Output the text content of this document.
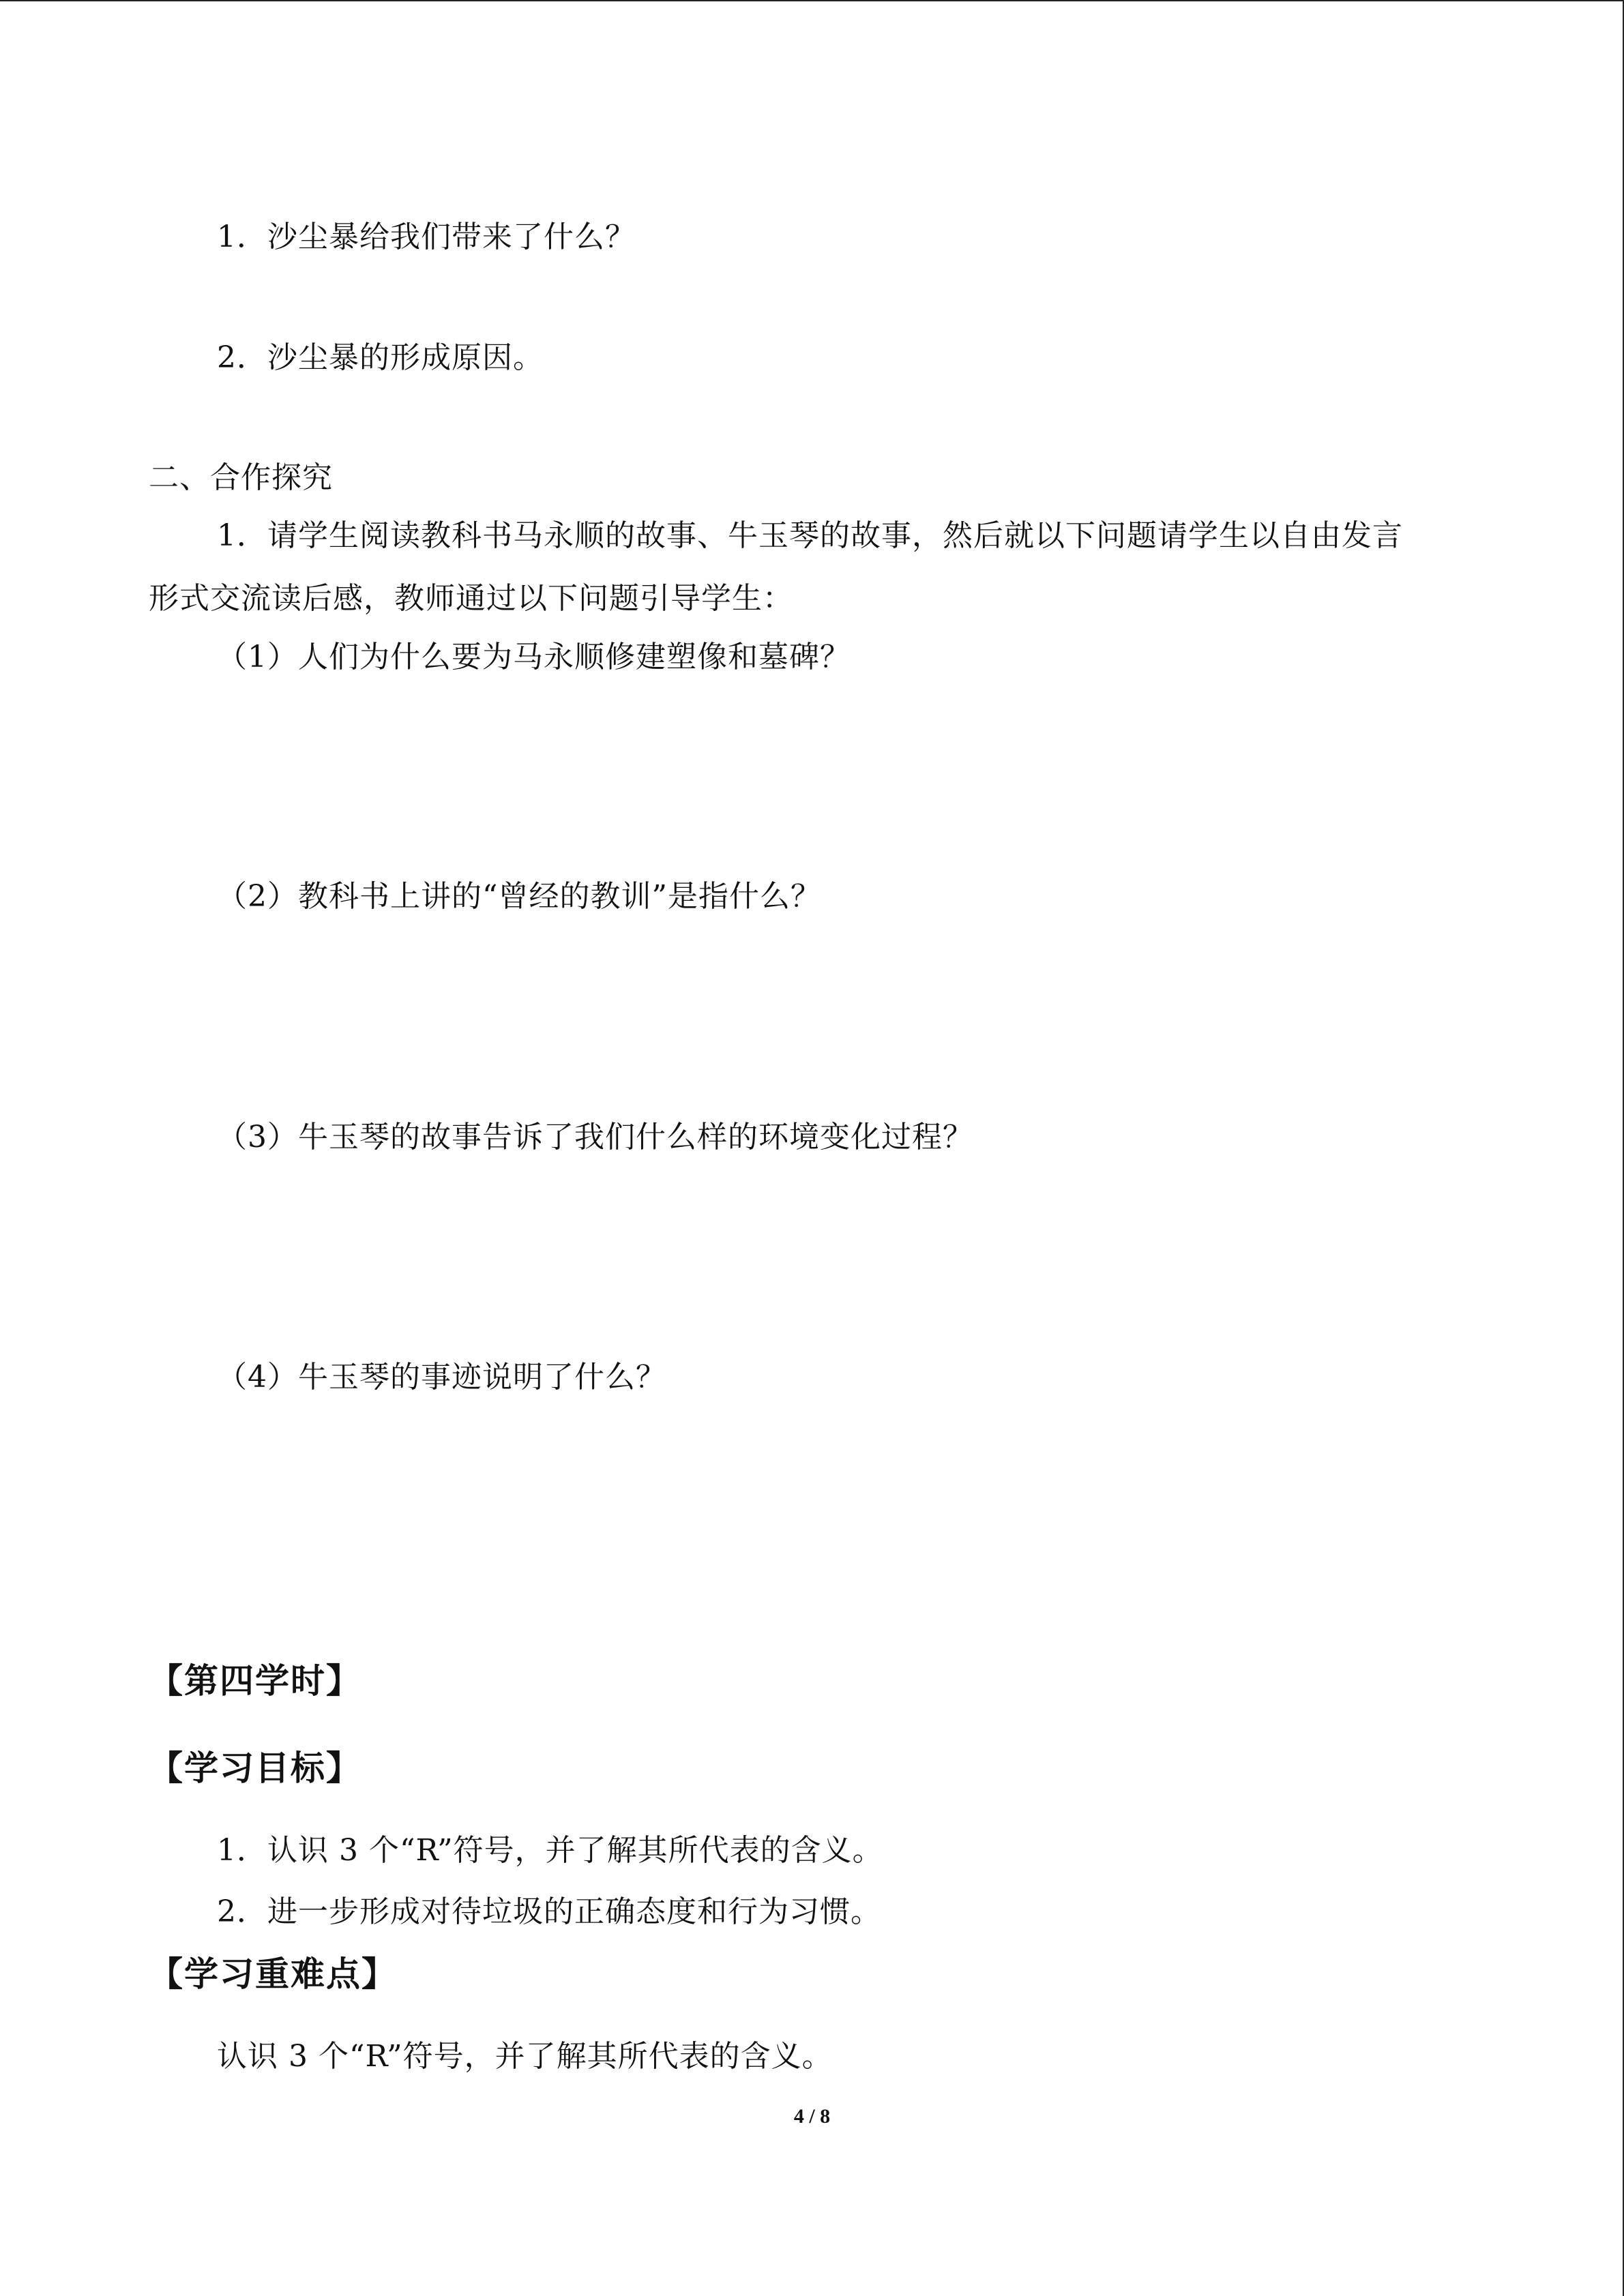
1．沙尘暴给我们带来了什么？
2．沙尘暴的形成原因。
二、合作探究
1．请学生阅读教科书马永顺的故事、牛玉琴的故事，然后就以下问题请学生以自由发言
形式交流读后感，教师通过以下问题引导学生：
（1）人们为什么要为马永顺修建塑像和墓碑？
（2）教科书上讲的“曾经的教训”是指什么？
（3）牛玉琴的故事告诉了我们什么样的环境变化过程？
（4）牛玉琴的事迹说明了什么？
【第四学时】
【学习目标】
1．认识 3 个“R”符号，并了解其所代表的含义。
2．进一步形成对待垃圾的正确态度和行为习惯。
【学习重难点】
认识 3 个“R”符号，并了解其所代表的含义。
4 / 8
